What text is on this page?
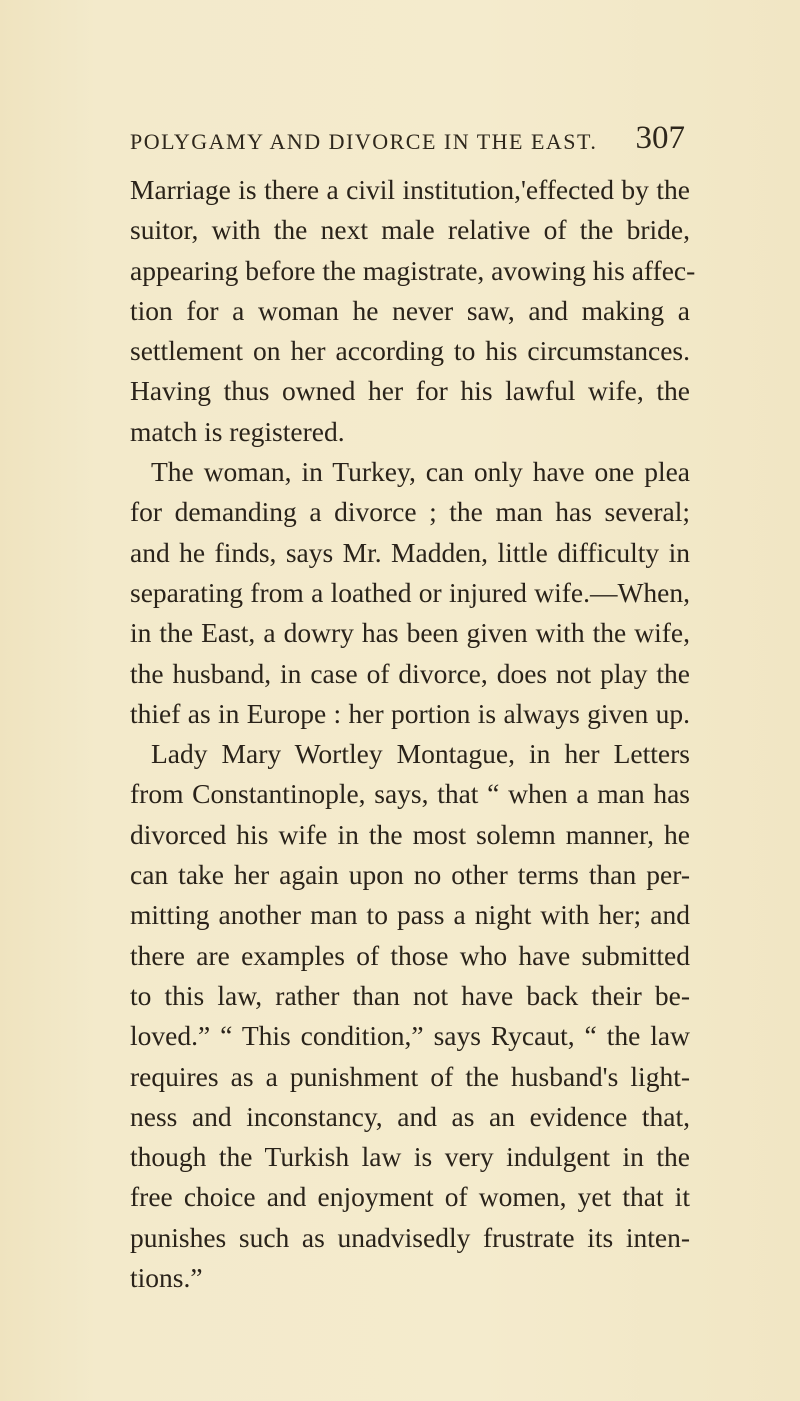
POLYGAMY AND DIVORCE IN THE EAST. 307
Marriage is there a civil institution,'effected by the
suitor, with the next male relative of the bride,
appearing before the magistrate, avowing his affec-
tion for a woman he never saw, and making a
settlement on her according to his circumstances.
Having thus owned her for his lawful wife, the
match is registered.
The woman, in Turkey, can only have one plea
for demanding a divorce ; the man has several;
and he finds, says Mr. Madden, little difficulty in
separating from a loathed or injured wife.—When,
in the East, a dowry has been given with the wife,
the husband, in case of divorce, does not play the
thief as in Europe : her portion is always given up.
Lady Mary Wortley Montague, in her Letters
from Constantinople, says, that “ when a man has
divorced his wife in the most solemn manner, he
can take her again upon no other terms than per-
mitting another man to pass a night with her; and
there are examples of those who have submitted
to this law, rather than not have back their be-
loved.” “ This condition,” says Rycaut, “ the law
requires as a punishment of the husband's light-
ness and inconstancy, and as an evidence that,
though the Turkish law is very indulgent in the
free choice and enjoyment of women, yet that it
punishes such as unadvisedly frustrate its inten-
tions.”
